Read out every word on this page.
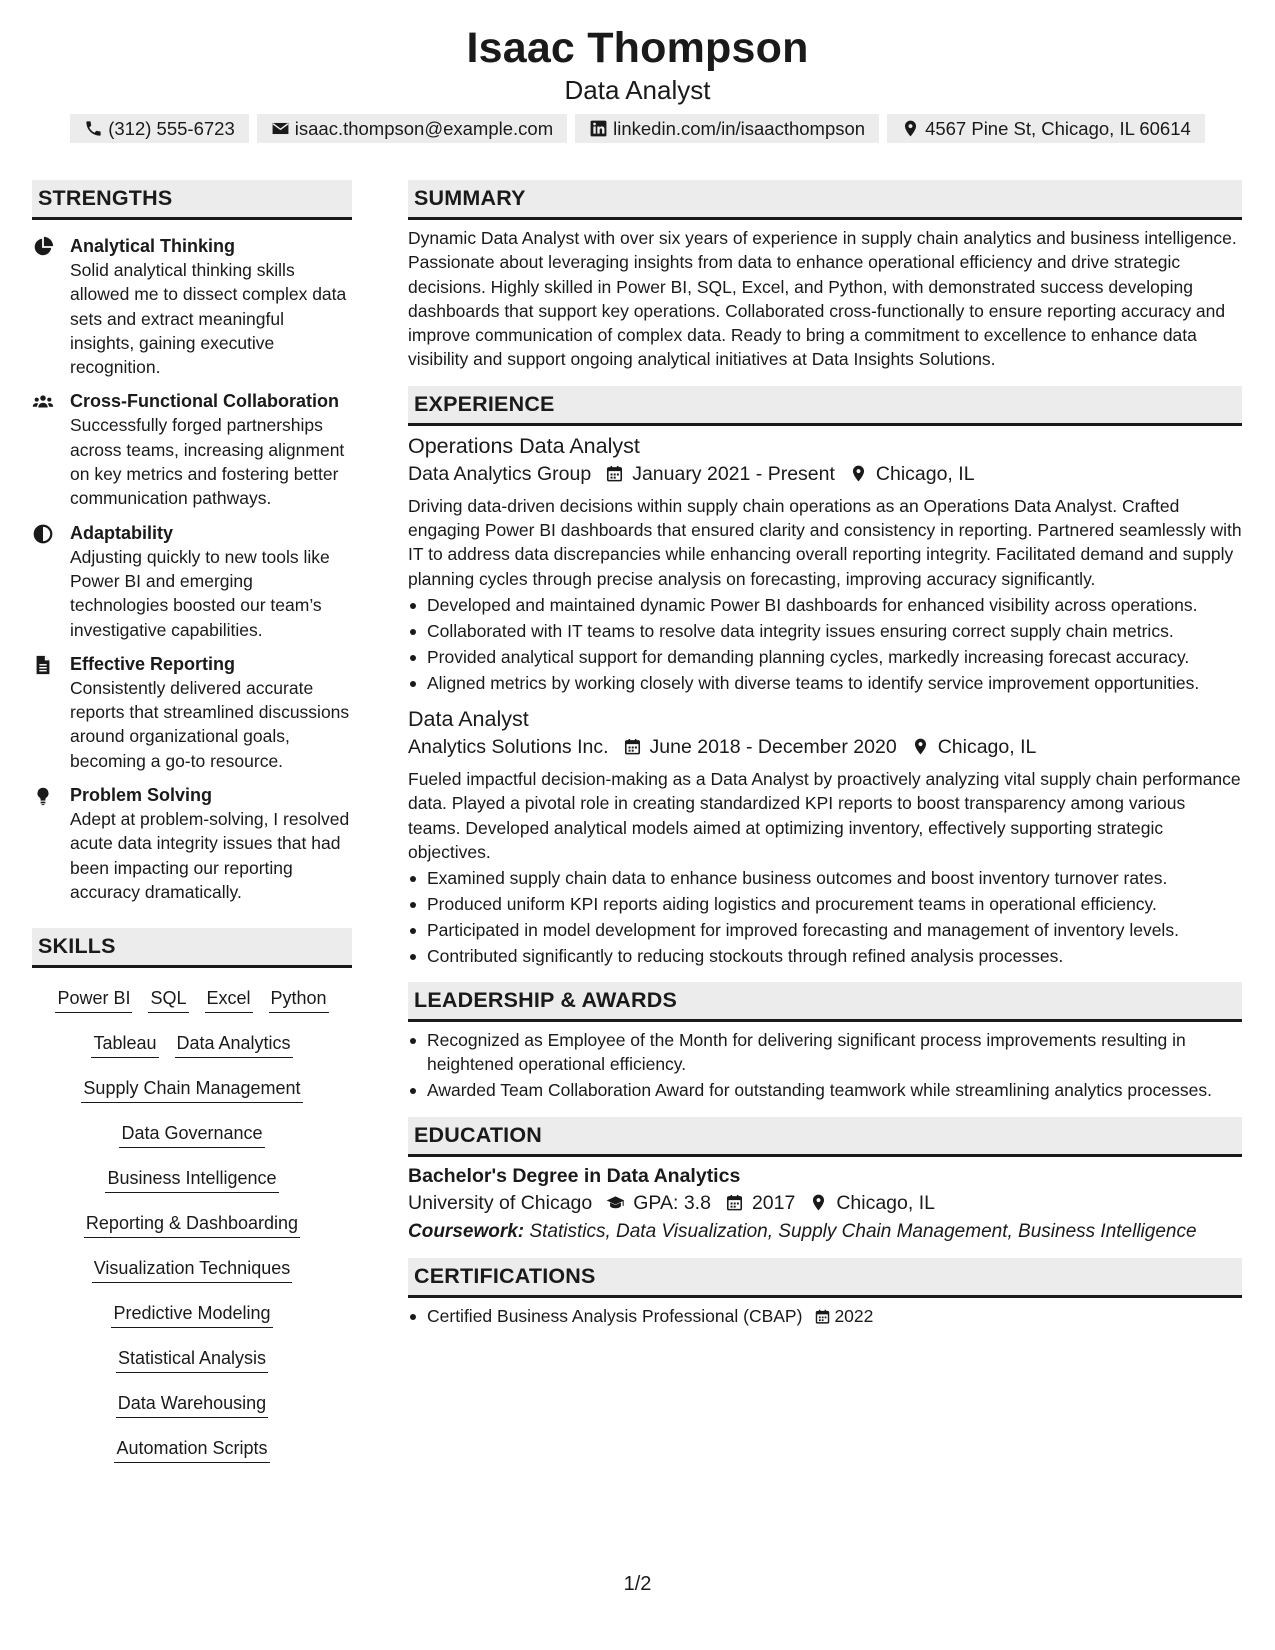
Isaac Thompson
Data Analyst
(312) 555-6723	isaac.thompson@example.com	linkedin.com/in/isaacthompson	4567 Pine St, Chicago, IL 60614
STRENGTHS
Analytical Thinking
Solid analytical thinking skills allowed me to dissect complex data sets and extract meaningful insights, gaining executive recognition.
Cross-Functional Collaboration
Successfully forged partnerships across teams, increasing alignment on key metrics and fostering better communication pathways.
Adaptability
Adjusting quickly to new tools like Power BI and emerging technologies boosted our team’s investigative capabilities.
Effective Reporting
Consistently delivered accurate reports that streamlined discussions around organizational goals, becoming a go-to resource.
Problem Solving
Adept at problem-solving, I resolved acute data integrity issues that had been impacting our reporting accuracy dramatically.
SKILLS
Power BI SQL Excel Python
Tableau Data Analytics
Supply Chain Management
Data Governance
Business Intelligence
Reporting & Dashboarding
Visualization Techniques
Predictive Modeling
Statistical Analysis
Data Warehousing
Automation Scripts
SUMMARY
Dynamic Data Analyst with over six years of experience in supply chain analytics and business intelligence. Passionate about leveraging insights from data to enhance operational efficiency and drive strategic decisions. Highly skilled in Power BI, SQL, Excel, and Python, with demonstrated success developing dashboards that support key operations. Collaborated cross-functionally to ensure reporting accuracy and improve communication of complex data. Ready to bring a commitment to excellence to enhance data visibility and support ongoing analytical initiatives at Data Insights Solutions.
EXPERIENCE
Operations Data Analyst
Data Analytics Group January 2021 - Present Chicago, IL
Driving data-driven decisions within supply chain operations as an Operations Data Analyst. Crafted engaging Power BI dashboards that ensured clarity and consistency in reporting. Partnered seamlessly with IT to address data discrepancies while enhancing overall reporting integrity. Facilitated demand and supply planning cycles through precise analysis on forecasting, improving accuracy significantly.
Developed and maintained dynamic Power BI dashboards for enhanced visibility across operations.
Collaborated with IT teams to resolve data integrity issues ensuring correct supply chain metrics.
Provided analytical support for demanding planning cycles, markedly increasing forecast accuracy.
Aligned metrics by working closely with diverse teams to identify service improvement opportunities.
Data Analyst
Analytics Solutions Inc. June 2018 - December 2020 Chicago, IL
Fueled impactful decision-making as a Data Analyst by proactively analyzing vital supply chain performance data. Played a pivotal role in creating standardized KPI reports to boost transparency among various teams. Developed analytical models aimed at optimizing inventory, effectively supporting strategic objectives.
Examined supply chain data to enhance business outcomes and boost inventory turnover rates.
Produced uniform KPI reports aiding logistics and procurement teams in operational efficiency.
Participated in model development for improved forecasting and management of inventory levels.
Contributed significantly to reducing stockouts through refined analysis processes.
LEADERSHIP & AWARDS
Recognized as Employee of the Month for delivering significant process improvements resulting in heightened operational efficiency.
Awarded Team Collaboration Award for outstanding teamwork while streamlining analytics processes.
EDUCATION
Bachelor's Degree in Data Analytics
University of Chicago GPA: 3.8 2017 Chicago, IL
Coursework: Statistics, Data Visualization, Supply Chain Management, Business Intelligence
CERTIFICATIONS
Certified Business Analysis Professional (CBAP) 2022
1/2
